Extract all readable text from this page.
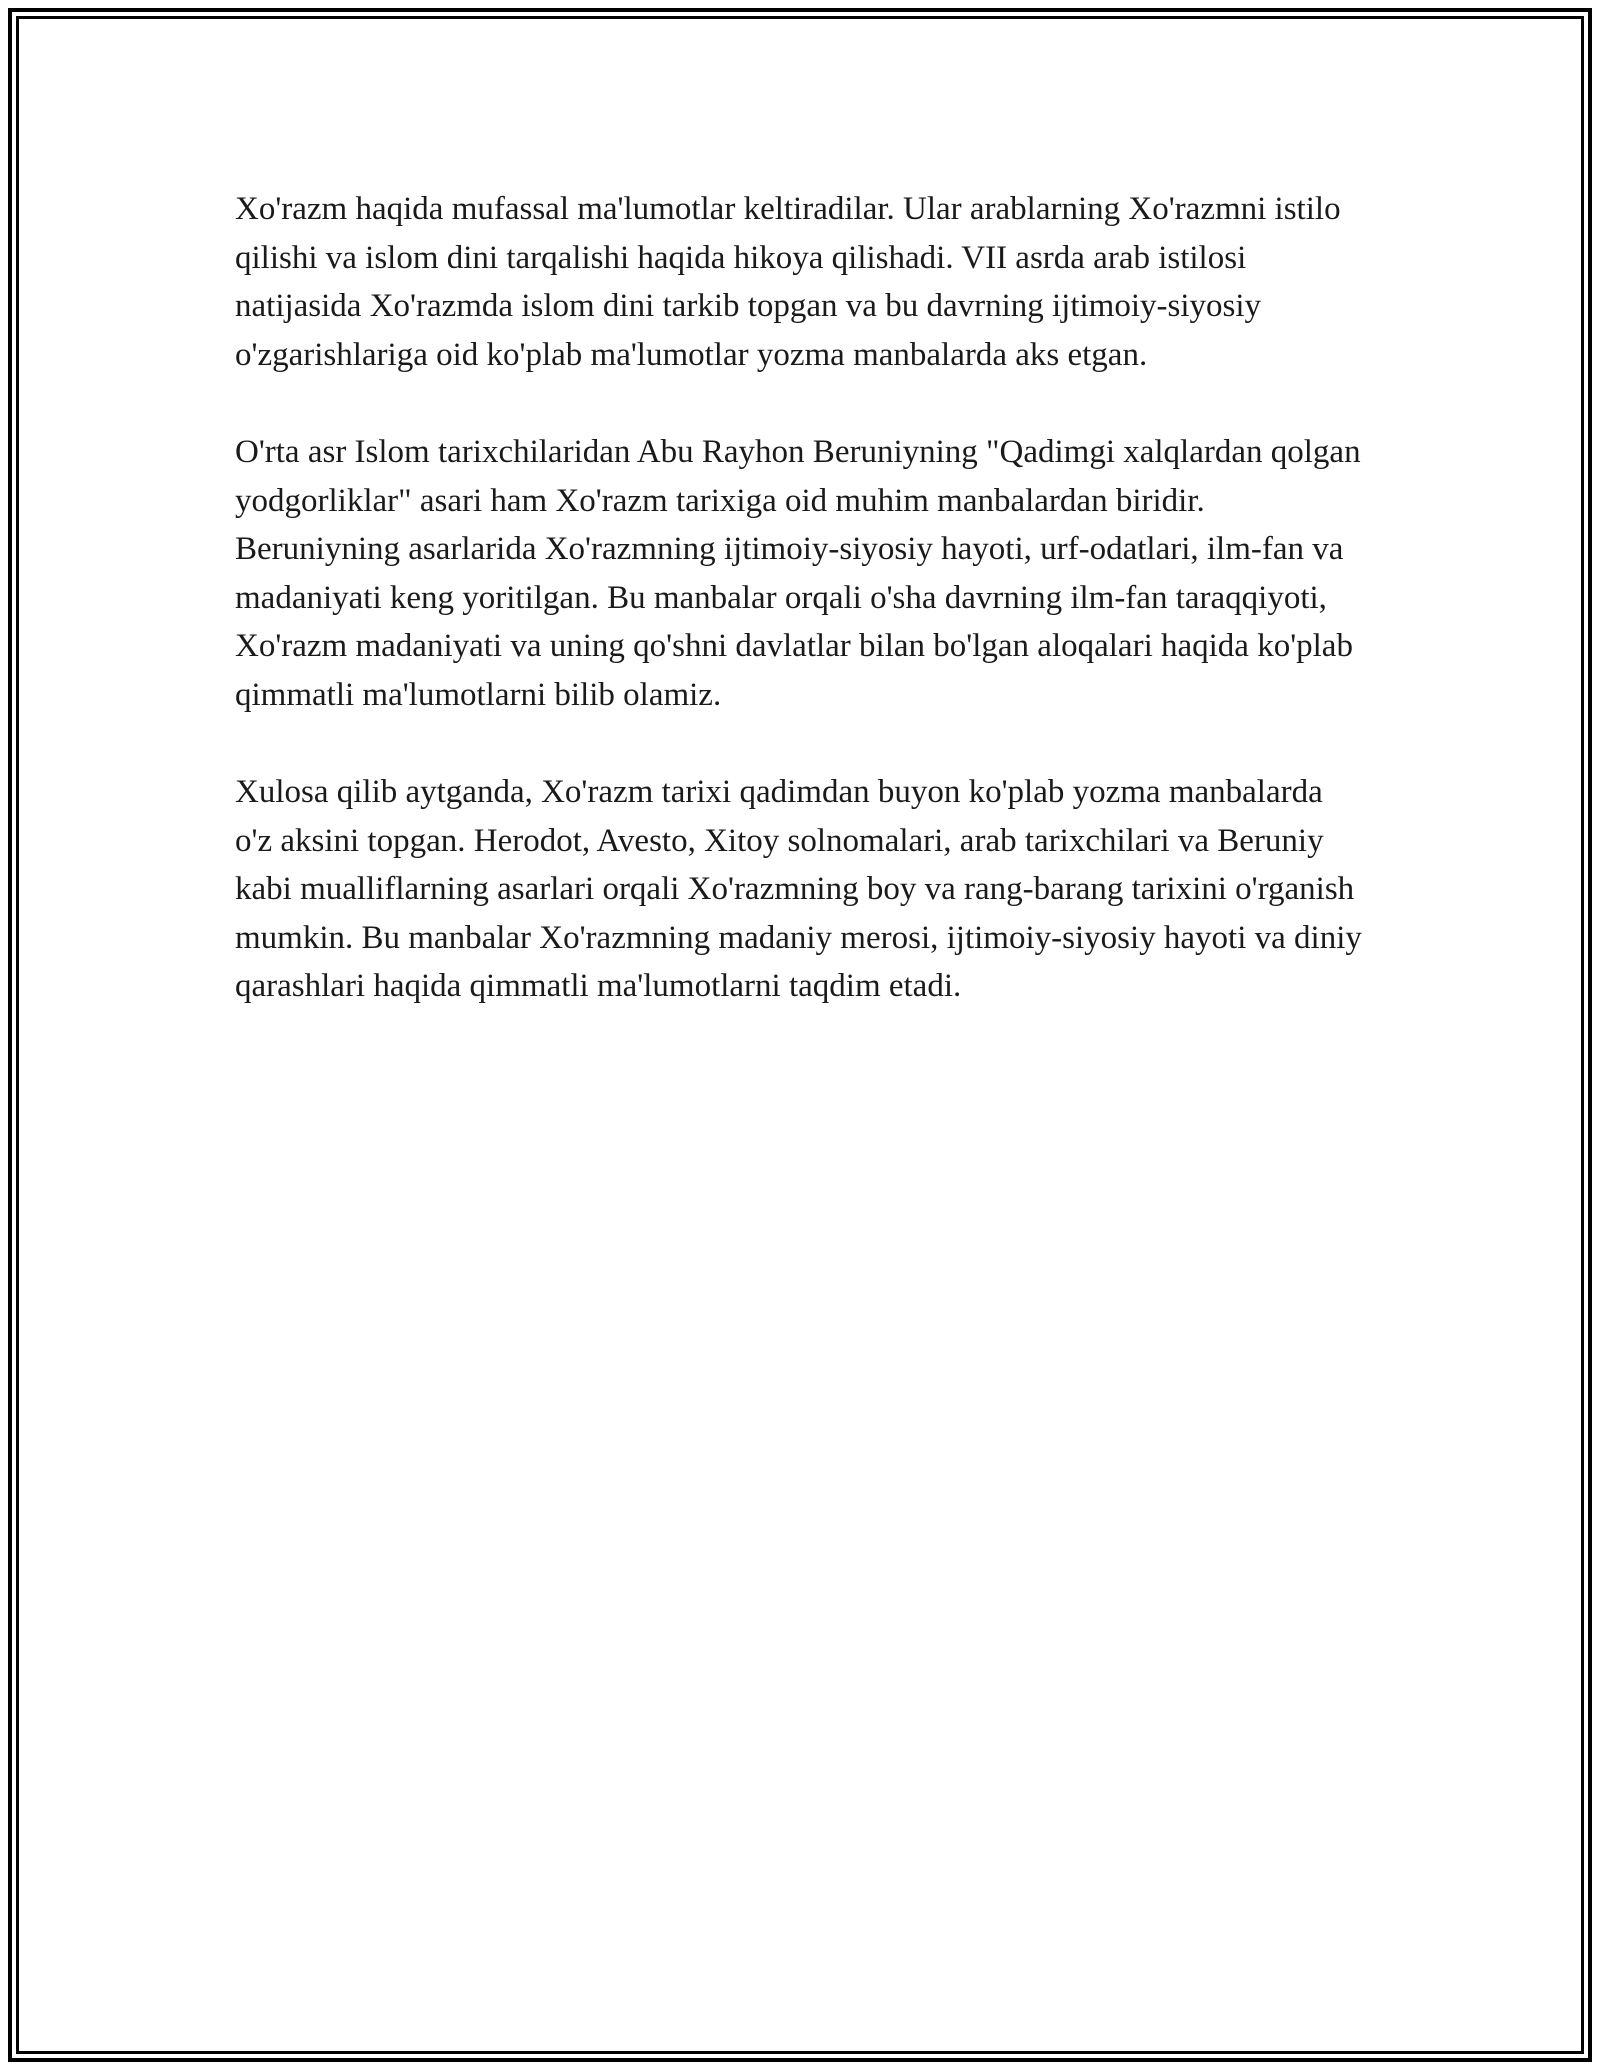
Xo'razm haqida mufassal ma'lumotlar keltiradilar. Ular arablarning Xo'razmni istilo qilishi va islom dini tarqalishi haqida hikoya qilishadi. VII asrda arab istilosi natijasida Xo'razmda islom dini tarkib topgan va bu davrning ijtimoiy-siyosiy o'zgarishlariga oid ko'plab ma'lumotlar yozma manbalarda aks etgan.

O'rta asr Islom tarixchilaridan Abu Rayhon Beruniyning "Qadimgi xalqlardan qolgan yodgorliklar" asari ham Xo'razm tarixiga oid muhim manbalardan biridir. Beruniyning asarlarida Xo'razmning ijtimoiy-siyosiy hayoti, urf-odatlari, ilm-fan va madaniyati keng yoritilgan. Bu manbalar orqali o'sha davrning ilm-fan taraqqiyoti, Xo'razm madaniyati va uning qo'shni davlatlar bilan bo'lgan aloqalari haqida ko'plab qimmatli ma'lumotlarni bilib olamiz.

Xulosa qilib aytganda, Xo'razm tarixi qadimdan buyon ko'plab yozma manbalarda o'z aksini topgan. Herodot, Avesto, Xitoy solnomalari, arab tarixchilari va Beruniy kabi mualliflarning asarlari orqali Xo'razmning boy va rang-barang tarixini o'rganish mumkin. Bu manbalar Xo'razmning madaniy merosi, ijtimoiy-siyosiy hayoti va diniy qarashlari haqida qimmatli ma'lumotlarni taqdim etadi.
